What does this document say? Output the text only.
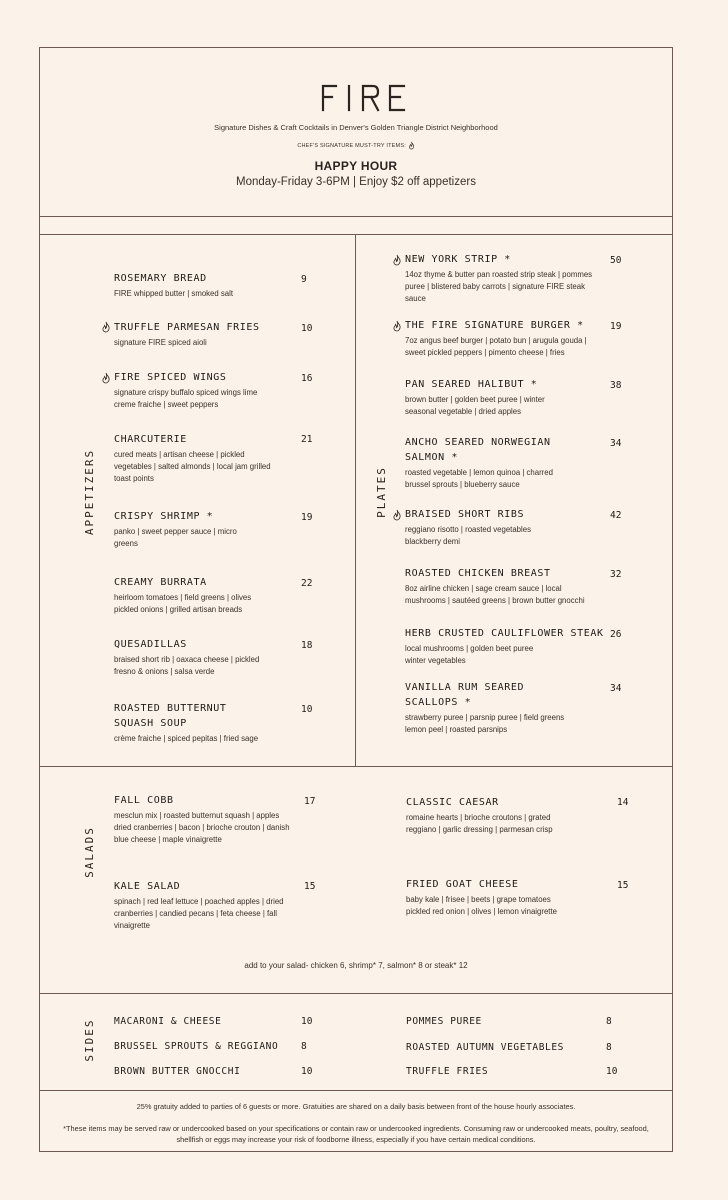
Signature Dishes & Craft Cocktails in Denver's Golden Triangle District Neighborhood
CHEF'S SIGNATURE MUST-TRY ITEMS:
HAPPY HOUR
Monday-Friday 3-6PM | Enjoy $2 off appetizers
APPETIZERS	PLATES
SALADS
SIDES
ROSEMARY BREAD
FIRE whipped butter | smoked salt
9
TRUFFLE PARMESAN FRIES
signature FIRE spiced aioli
10
FIRE SPICED WINGS
signature crispy buffalo spiced wings lime creme fraiche | sweet peppers
16
CHARCUTERIE
cured meats | artisan cheese | pickled vegetables | salted almonds | local jam grilled toast points
21
CRISPY SHRIMP *
panko | sweet pepper sauce | micro greens
19
CREAMY BURRATA
heirloom tomatoes | field greens | olives pickled onions | grilled artisan breads
22
QUESADILLAS
braised short rib | oaxaca cheese | pickled fresno & onions | salsa verde
18
ROASTED BUTTERNUT SQUASH SOUP
crème fraiche | spiced pepitas | fried sage
10
NEW YORK STRIP *
14oz thyme & butter pan roasted strip steak | pommes puree | blistered baby carrots | signature FIRE steak sauce
50
THE FIRE SIGNATURE BURGER *
7oz angus beef burger | potato bun | arugula gouda | sweet pickled peppers | pimento cheese | fries
19
PAN SEARED HALIBUT *
brown butter | golden beet puree | winter seasonal vegetable | dried apples
38
ANCHO SEARED NORWEGIAN SALMON *
roasted vegetable | lemon quinoa | charred brussel sprouts | blueberry sauce
34
BRAISED SHORT RIBS
reggiano risotto | roasted vegetables blackberry demi
42
ROASTED CHICKEN BREAST
8oz airline chicken | sage cream sauce | local mushrooms | sautéed greens | brown butter gnocchi
32
HERB CRUSTED CAULIFLOWER STEAK
local mushrooms | golden beet puree winter vegetables
26
VANILLA RUM SEARED SCALLOPS *
strawberry puree | parsnip puree | field greens lemon peel | roasted parsnips
34
FALL COBB
mesclun mix | roasted butternut squash | apples dried cranberries | bacon | brioche crouton | danish blue cheese | maple vinaigrette
17	CLASSIC CAESAR
romaine hearts | brioche croutons | grated reggiano | garlic dressing | parmesan crisp
14
KALE SALAD
spinach | red leaf lettuce | poached apples | dried cranberries | candied pecans | feta cheese | fall vinaigrette
15	FRIED GOAT CHEESE
baby kale | frisee | beets | grape tomatoes pickled red onion | olives | lemon vinaigrette
15
add to your salad- chicken 6, shrimp* 7, salmon* 8 or steak* 12
MACARONI & CHEESE	10	POMMES PUREE	8
BRUSSEL SPROUTS & REGGIANO 8	ROASTED AUTUMN VEGETABLES	8
BROWN BUTTER GNOCCHI	10	TRUFFLE FRIES	10
25% gratuity added to parties of 6 guests or more. Gratuities are shared on a daily basis between front of the house hourly associates.
*These items may be served raw or undercooked based on your specifications or contain raw or undercooked ingredients. Consuming raw or undercooked meats, poultry, seafood, shellfish or eggs may increase your risk of foodborne illness, especially if you have certain medical conditions.
